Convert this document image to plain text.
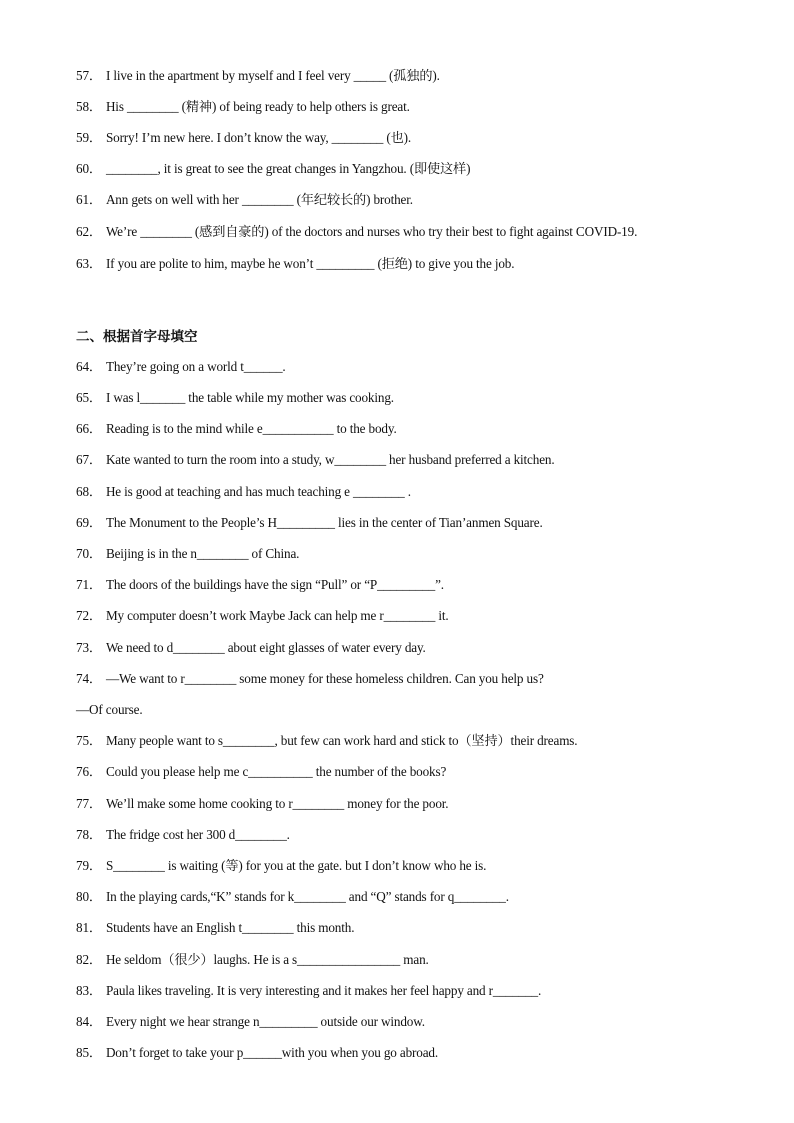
57． I live in the apartment by myself and I feel very _____ (孤独的).
58． His ________ (精神) of being ready to help others is great.
59． Sorry! I’m new here. I don’t know the way, ________ (也).
60． ________, it is great to see the great changes in Yangzhou. (即使这样)
61． Ann gets on well with her ________ (年纪较长的) brother.
62． We’re ________ (感到自豪的) of the doctors and nurses who try their best to fight against COVID-19.
63． If you are polite to him, maybe he won’t _________ (拒绝) to give you the job.
二、根据首字母填空
64． They’re going on a world t______.
65． I was l_______ the table while my mother was cooking.
66． Reading is to the mind while e___________ to the body.
67． Kate wanted to turn the room into a study, w________ her husband preferred a kitchen.
68． He is good at teaching and has much teaching e ________ .
69． The Monument to the People’s H_________ lies in the center of Tian’anmen Square.
70． Beijing is in the n________ of China.
71． The doors of the buildings have the sign “Pull” or “P_________”.
72． My computer doesn’t work Maybe Jack can help me r________ it.
73． We need to d________ about eight glasses of water every day.
74． —We want to r________ some money for these homeless children. Can you help us?
—Of course.
75． Many people want to s________, but few can work hard and stick to（坚持）their dreams.
76． Could you please help me c__________ the number of the books?
77． We’ll make some home cooking to r________ money for the poor.
78． The fridge cost her 300 d________.
79． S________ is waiting (等) for you at the gate. but I don’t know who he is.
80． In the playing cards,“K” stands for k________ and “Q” stands for q________.
81． Students have an English t________ this month.
82． He seldom（很少）laughs. He is a s________________ man.
83． Paula likes traveling. It is very interesting and it makes her feel happy and r_______.
84． Every night we hear strange n_________ outside our window.
85． Don’t forget to take your p______with you when you go abroad.
